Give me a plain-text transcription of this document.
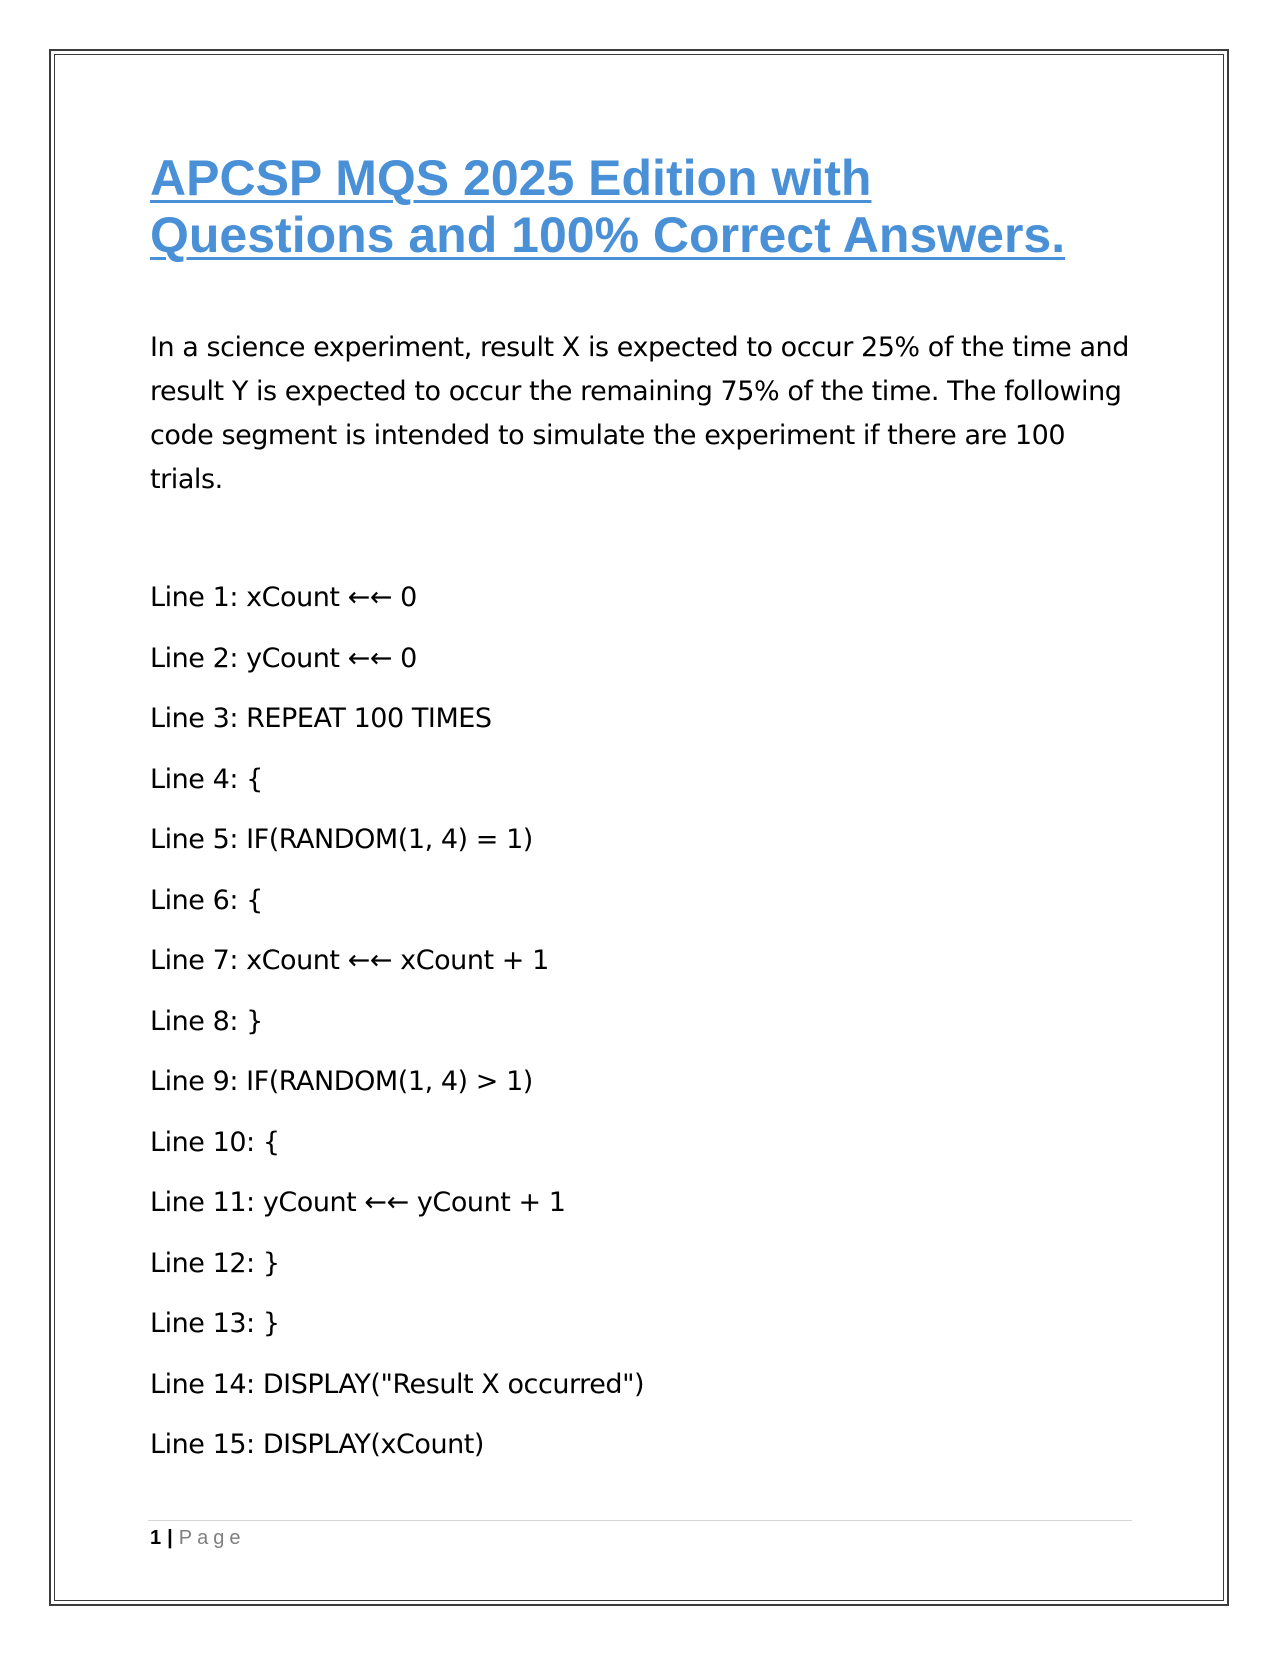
APCSP MQS 2025 Edition with
Questions and 100% Correct Answers.

In a science experiment, result X is expected to occur 25% of the time and result Y is expected to occur the remaining 75% of the time. The following code segment is intended to simulate the experiment if there are 100 trials.

Line 1: xCount ←← 0
Line 2: yCount ←← 0
Line 3: REPEAT 100 TIMES
Line 4: {
Line 5: IF(RANDOM(1, 4) = 1)
Line 6: {
Line 7: xCount ←← xCount + 1
Line 8: }
Line 9: IF(RANDOM(1, 4) > 1)
Line 10: {
Line 11: yCount ←← yCount + 1
Line 12: }
Line 13: }
Line 14: DISPLAY("Result X occurred")
Line 15: DISPLAY(xCount)
1 | Page
